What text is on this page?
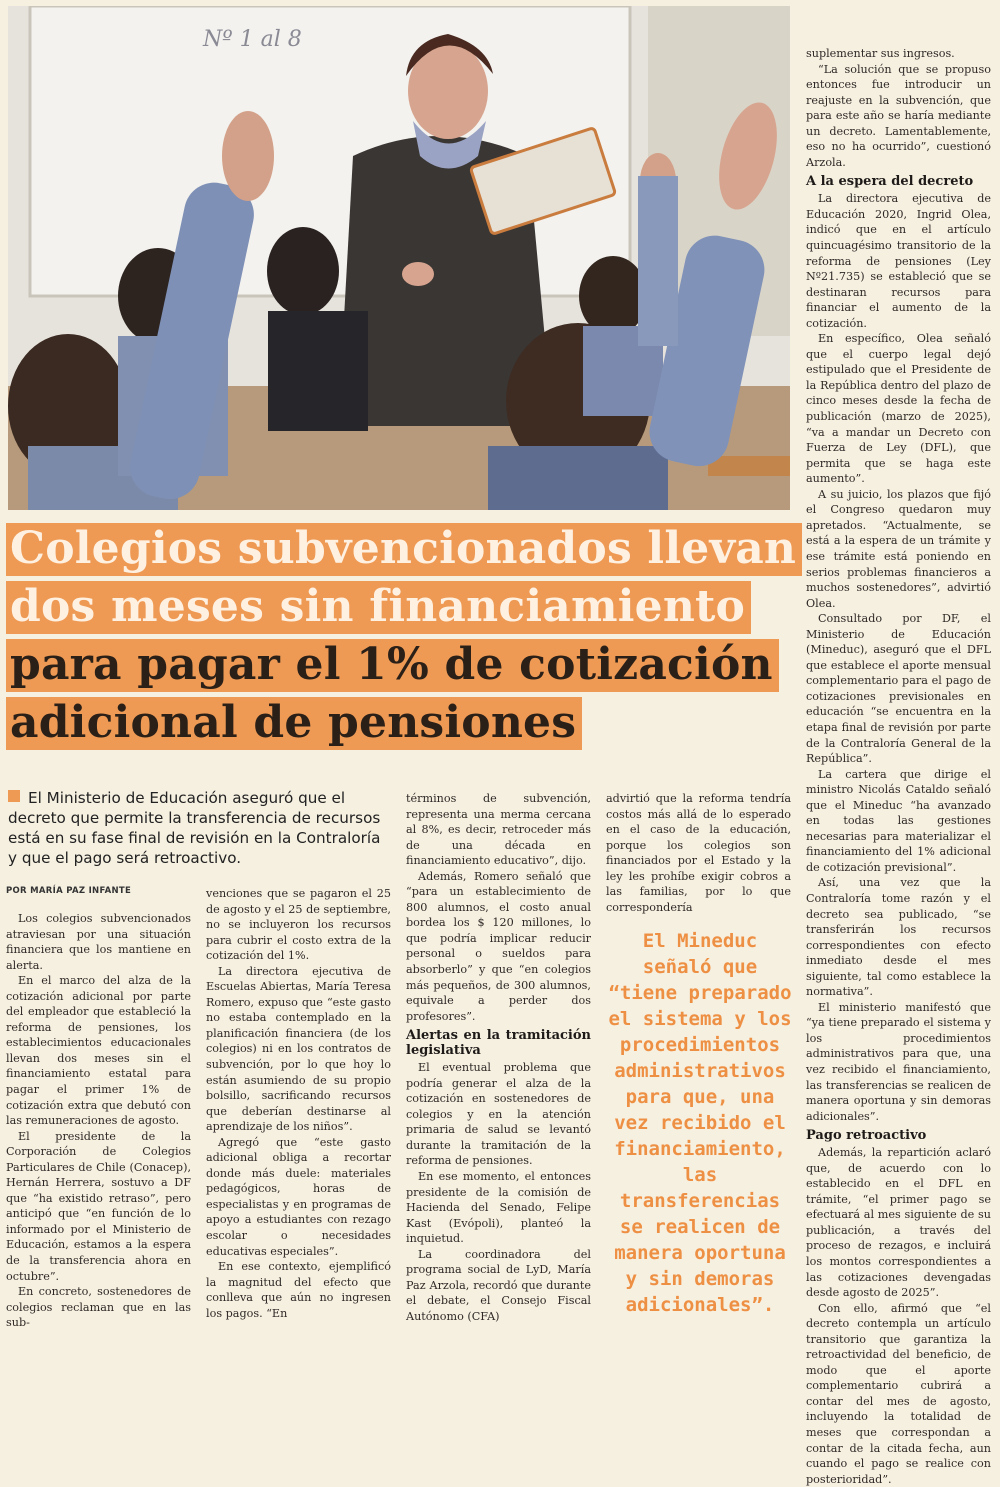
Nº 1 al 8
Colegios subvencionados llevan
dos meses sin financiamiento
para pagar el 1% de cotización
adicional de pensiones
El Ministerio de Educación aseguró que el decreto que permite la transferencia de recursos está en su fase final de revisión en la Contraloría y que el pago será retroactivo.
POR MARÍA PAZ INFANTE

Los colegios subvencionados atraviesan por una situación financiera que los mantiene en alerta.

En el marco del alza de la cotización adicional por parte del empleador que estableció la reforma de pensiones, los establecimientos educacionales llevan dos meses sin el financiamiento estatal para pagar el primer 1% de cotización extra que debutó con las remuneraciones de agosto.

El presidente de la Corporación de Colegios Particulares de Chile (Conacep), Hernán Herrera, sostuvo a DF que “ha existido retraso”, pero anticipó que “en función de lo informado por el Ministerio de Educación, estamos a la espera de la transferencia ahora en octubre”.

En concreto, sostenedores de colegios reclaman que en las sub-

venciones que se pagaron el 25 de agosto y el 25 de septiembre, no se incluyeron los recursos para cubrir el costo extra de la cotización del 1%.

La directora ejecutiva de Escuelas Abiertas, María Teresa Romero, expuso que “este gasto no estaba contemplado en la planificación financiera (de los colegios) ni en los contratos de subvención, por lo que hoy lo están asumiendo de su propio bolsillo, sacrificando recursos que deberían destinarse al aprendizaje de los niños”.

Agregó que “este gasto adicional obliga a recortar donde más duele: materiales pedagógicos, horas de especialistas y en programas de apoyo a estudiantes con rezago escolar o necesidades educativas especiales”.

En ese contexto, ejemplificó la magnitud del efecto que conlleva que aún no ingresen los pagos. “En

términos de subvención, representa una merma cercana al 8%, es decir, retroceder más de una década en financiamiento educativo”, dijo.

Además, Romero señaló que “para un establecimiento de 800 alumnos, el costo anual bordea los $ 120 millones, lo que podría implicar reducir personal o sueldos para absorberlo” y que “en colegios más pequeños, de 300 alumnos, equivale a perder dos profesores”.

Alertas en la tramitación legislativa

El eventual problema que podría generar el alza de la cotización en sostenedores de colegios y en la atención primaria de salud se levantó durante la tramitación de la reforma de pensiones.

En ese momento, el entonces presidente de la comisión de Hacienda del Senado, Felipe Kast (Evópoli), planteó la inquietud.

La coordinadora del programa social de LyD, María Paz Arzola, recordó que durante el debate, el Consejo Fiscal Autónomo (CFA)

advirtió que la reforma tendría costos más allá de lo esperado en el caso de la educación, porque los colegios son financiados por el Estado y la ley les prohíbe exigir cobros a las familias, por lo que correspondería

El Mineduc señaló que “tiene preparado el sistema y los procedimientos administrativos para que, una vez recibido el financiamiento, las transferencias se realicen de manera oportuna y sin demoras adicionales”.

suplementar sus ingresos.

“La solución que se propuso entonces fue introducir un reajuste en la subvención, que para este año se haría mediante un decreto. Lamentablemente, eso no ha ocurrido”, cuestionó Arzola.

A la espera del decreto

La directora ejecutiva de Educación 2020, Ingrid Olea, indicó que en el artículo quincuagésimo transitorio de la reforma de pensiones (Ley Nº21.735) se estableció que se destinaran recursos para financiar el aumento de la cotización.

En específico, Olea señaló que el cuerpo legal dejó estipulado que el Presidente de la República dentro del plazo de cinco meses desde la fecha de publicación (marzo de 2025), “va a mandar un Decreto con Fuerza de Ley (DFL), que permita que se haga este aumento”.

A su juicio, los plazos que fijó el Congreso quedaron muy apretados. “Actualmente, se está a la espera de un trámite y ese trámite está poniendo en serios problemas financieros a muchos sostenedores”, advirtió Olea.

Consultado por DF, el Ministerio de Educación (Mineduc), aseguró que el DFL que establece el aporte mensual complementario para el pago de cotizaciones previsionales en educación “se encuentra en la etapa final de revisión por parte de la Contraloría General de la República”.

La cartera que dirige el ministro Nicolás Cataldo señaló que el Mineduc “ha avanzado en todas las gestiones necesarias para materializar el financiamiento del 1% adicional de cotización previsional”.

Así, una vez que la Contraloría tome razón y el decreto sea publicado, “se transferirán los recursos correspondientes con efecto inmediato desde el mes siguiente, tal como establece la normativa”.

El ministerio manifestó que “ya tiene preparado el sistema y los procedimientos administrativos para que, una vez recibido el financiamiento, las transferencias se realicen de manera oportuna y sin demoras adicionales”.

Pago retroactivo

Además, la repartición aclaró que, de acuerdo con lo establecido en el DFL en trámite, “el primer pago se efectuará al mes siguiente de su publicación, a través del proceso de rezagos, e incluirá los montos correspondientes a las cotizaciones devengadas desde agosto de 2025”.

Con ello, afirmó que “el decreto contempla un artículo transitorio que garantiza la retroactividad del beneficio, de modo que el aporte complementario cubrirá a contar del mes de agosto, incluyendo la totalidad de meses que correspondan a contar de la citada fecha, aun cuando el pago se realice con posterioridad”.
